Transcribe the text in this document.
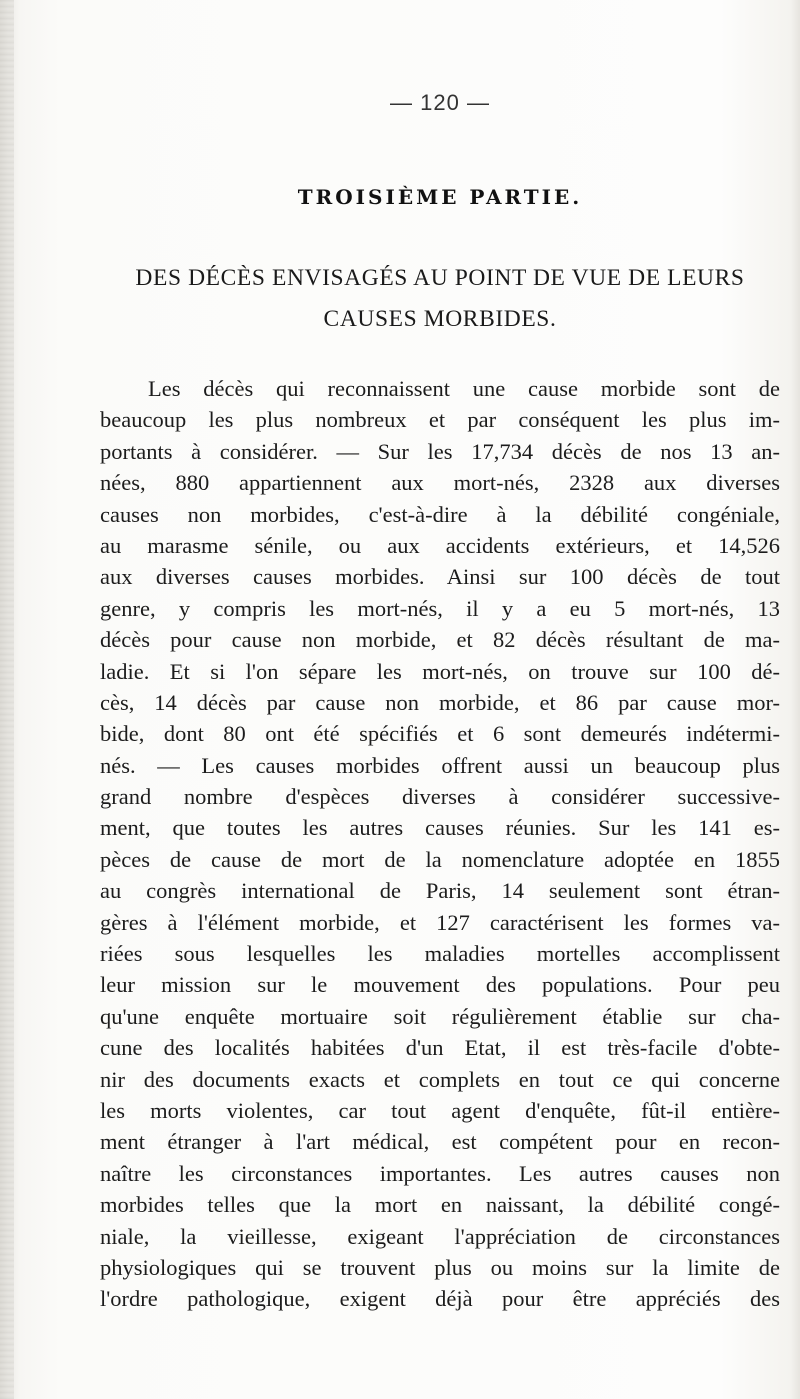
— 120 —
TROISIÈME PARTIE.
DES DÉCÈS ENVISAGÉS AU POINT DE VUE DE LEURS CAUSES MORBIDES.
Les décès qui reconnaissent une cause morbide sont de
beaucoup les plus nombreux et par conséquent les plus im-
portants à considérer. — Sur les 17,734 décès de nos 13 an-
nées, 880 appartiennent aux mort-nés, 2328 aux diverses
causes non morbides, c'est-à-dire à la débilité congéniale,
au marasme sénile, ou aux accidents extérieurs, et 14,526
aux diverses causes morbides. Ainsi sur 100 décès de tout
genre, y compris les mort-nés, il y a eu 5 mort-nés, 13
décès pour cause non morbide, et 82 décès résultant de ma-
ladie. Et si l'on sépare les mort-nés, on trouve sur 100 dé-
cès, 14 décès par cause non morbide, et 86 par cause mor-
bide, dont 80 ont été spécifiés et 6 sont demeurés indétermi-
nés. — Les causes morbides offrent aussi un beaucoup plus
grand nombre d'espèces diverses à considérer successive-
ment, que toutes les autres causes réunies. Sur les 141 es-
pèces de cause de mort de la nomenclature adoptée en 1855
au congrès international de Paris, 14 seulement sont étran-
gères à l'élément morbide, et 127 caractérisent les formes va-
riées sous lesquelles les maladies mortelles accomplissent
leur mission sur le mouvement des populations. Pour peu
qu'une enquête mortuaire soit régulièrement établie sur cha-
cune des localités habitées d'un Etat, il est très-facile d'obte-
nir des documents exacts et complets en tout ce qui concerne
les morts violentes, car tout agent d'enquête, fût-il entière-
ment étranger à l'art médical, est compétent pour en recon-
naître les circonstances importantes. Les autres causes non
morbides telles que la mort en naissant, la débilité congé-
niale, la vieillesse, exigeant l'appréciation de circonstances
physiologiques qui se trouvent plus ou moins sur la limite de
l'ordre pathologique, exigent déjà pour être appréciés des
